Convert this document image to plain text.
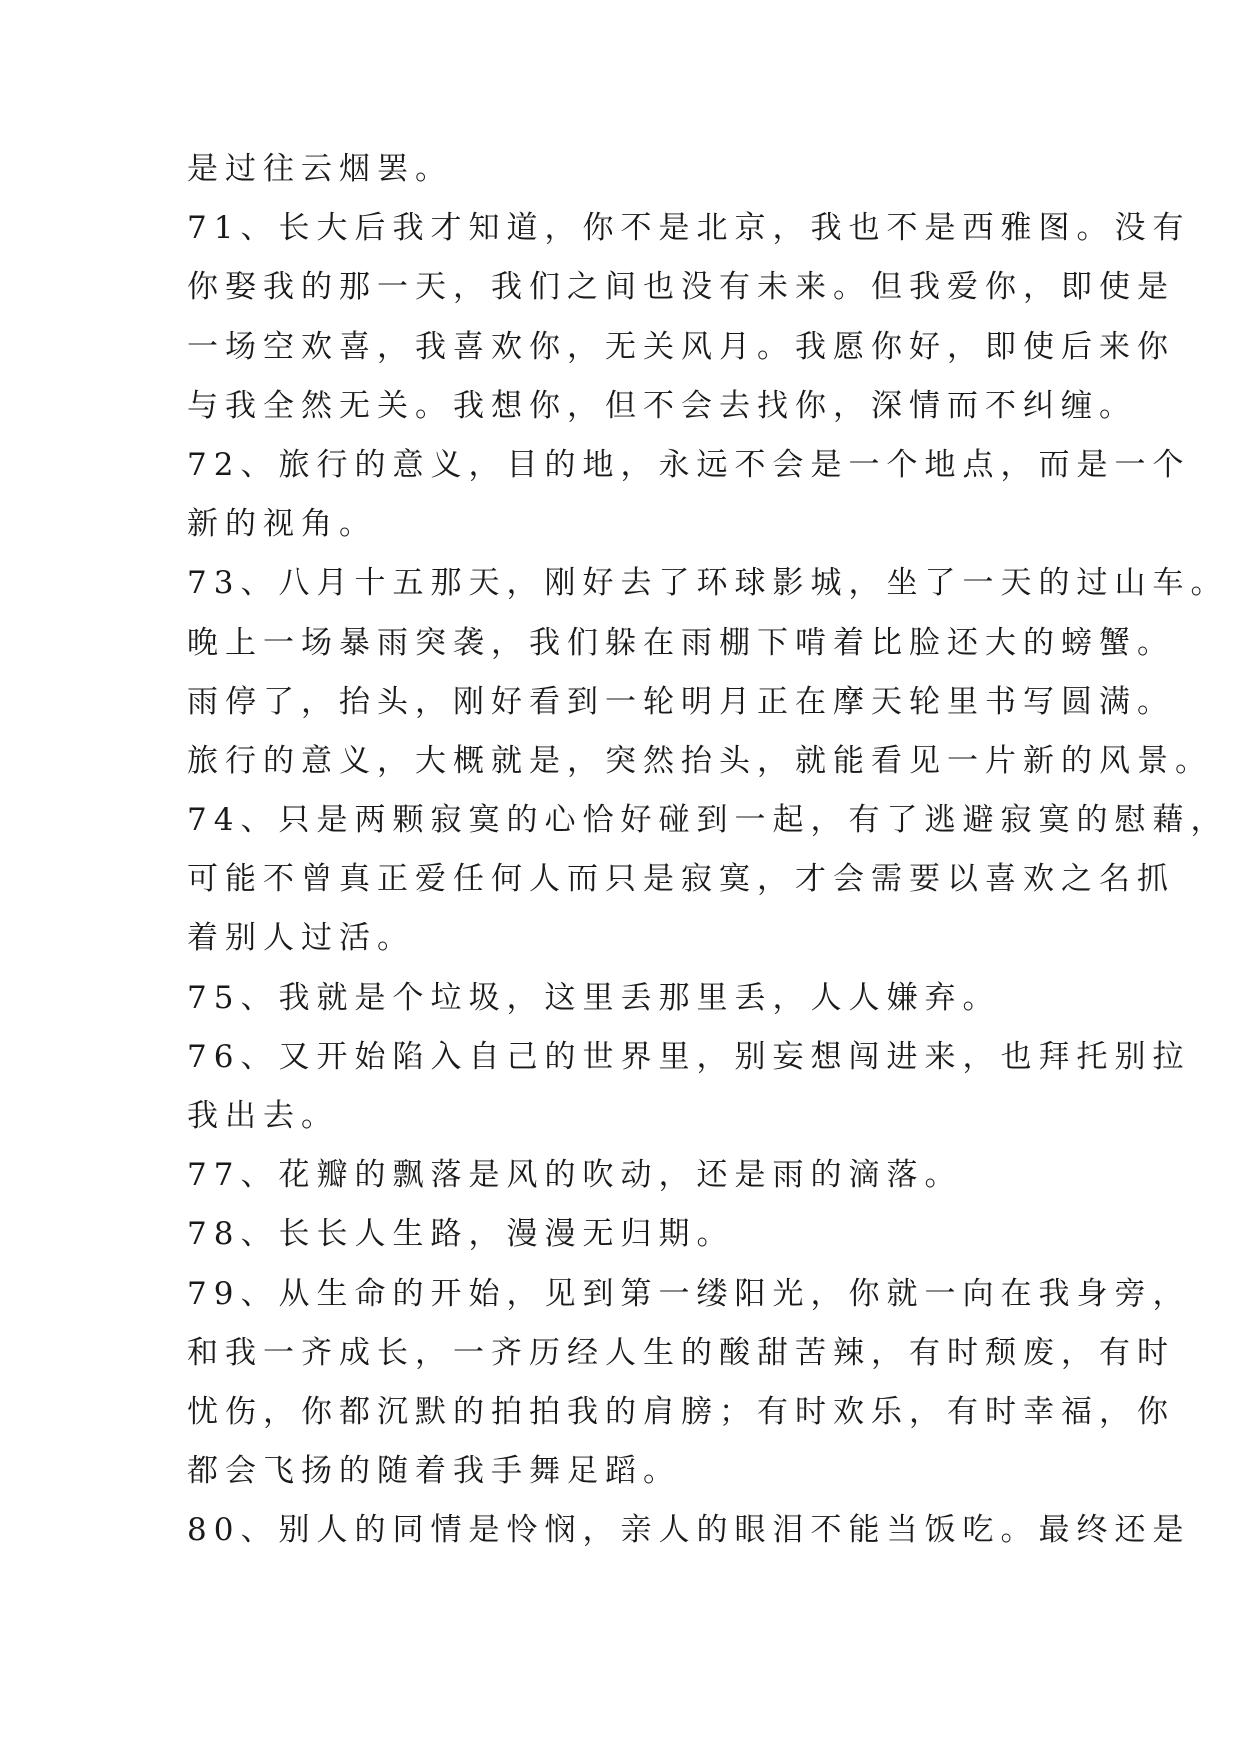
是过往云烟罢。
71、长大后我才知道，你不是北京，我也不是西雅图。没有
你娶我的那一天，我们之间也没有未来。但我爱你，即使是
一场空欢喜，我喜欢你，无关风月。我愿你好，即使后来你
与我全然无关。我想你，但不会去找你，深情而不纠缠。
72、旅行的意义，目的地，永远不会是一个地点，而是一个
新的视角。
73、八月十五那天，刚好去了环球影城，坐了一天的过山车。
晚上一场暴雨突袭，我们躲在雨棚下啃着比脸还大的螃蟹。
雨停了，抬头，刚好看到一轮明月正在摩天轮里书写圆满。
旅行的意义，大概就是，突然抬头，就能看见一片新的风景。
74、只是两颗寂寞的心恰好碰到一起，有了逃避寂寞的慰藉，
可能不曾真正爱任何人而只是寂寞，才会需要以喜欢之名抓
着别人过活。
75、我就是个垃圾，这里丢那里丢，人人嫌弃。
76、又开始陷入自己的世界里，别妄想闯进来，也拜托别拉
我出去。
77、花瓣的飘落是风的吹动，还是雨的滴落。
78、长长人生路，漫漫无归期。
79、从生命的开始，见到第一缕阳光，你就一向在我身旁，
和我一齐成长，一齐历经人生的酸甜苦辣，有时颓废，有时
忧伤，你都沉默的拍拍我的肩膀；有时欢乐，有时幸福，你
都会飞扬的随着我手舞足蹈。
80、别人的同情是怜悯，亲人的眼泪不能当饭吃。最终还是
